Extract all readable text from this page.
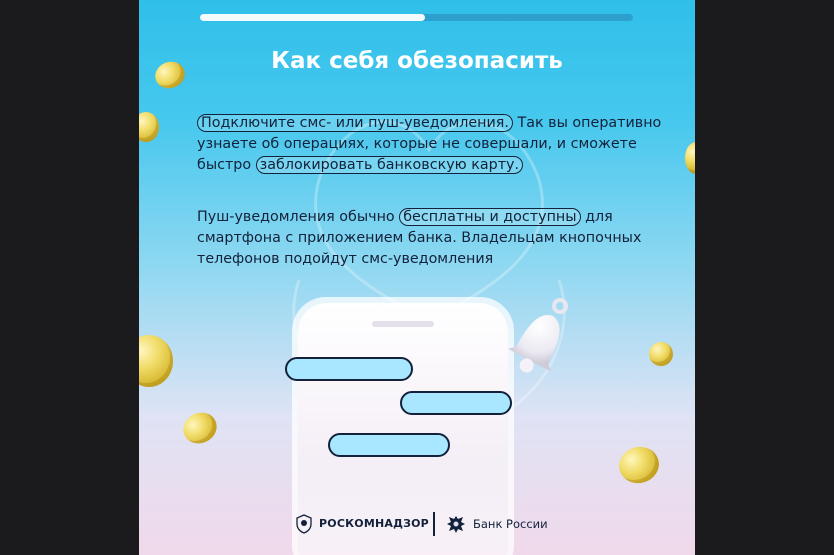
Как себя обезопасить
Подключите смс- или пуш-уведомления. Так вы оперативно узнаете об операциях, которые не совершали, и сможете быстро заблокировать банковскую карту.
Пуш-уведомления обычно бесплатны и доступны для смартфона с приложением банка. Владельцам кнопочных телефонов подойдут смс-уведомления
РОСКОМНАДЗОР	Банк России
